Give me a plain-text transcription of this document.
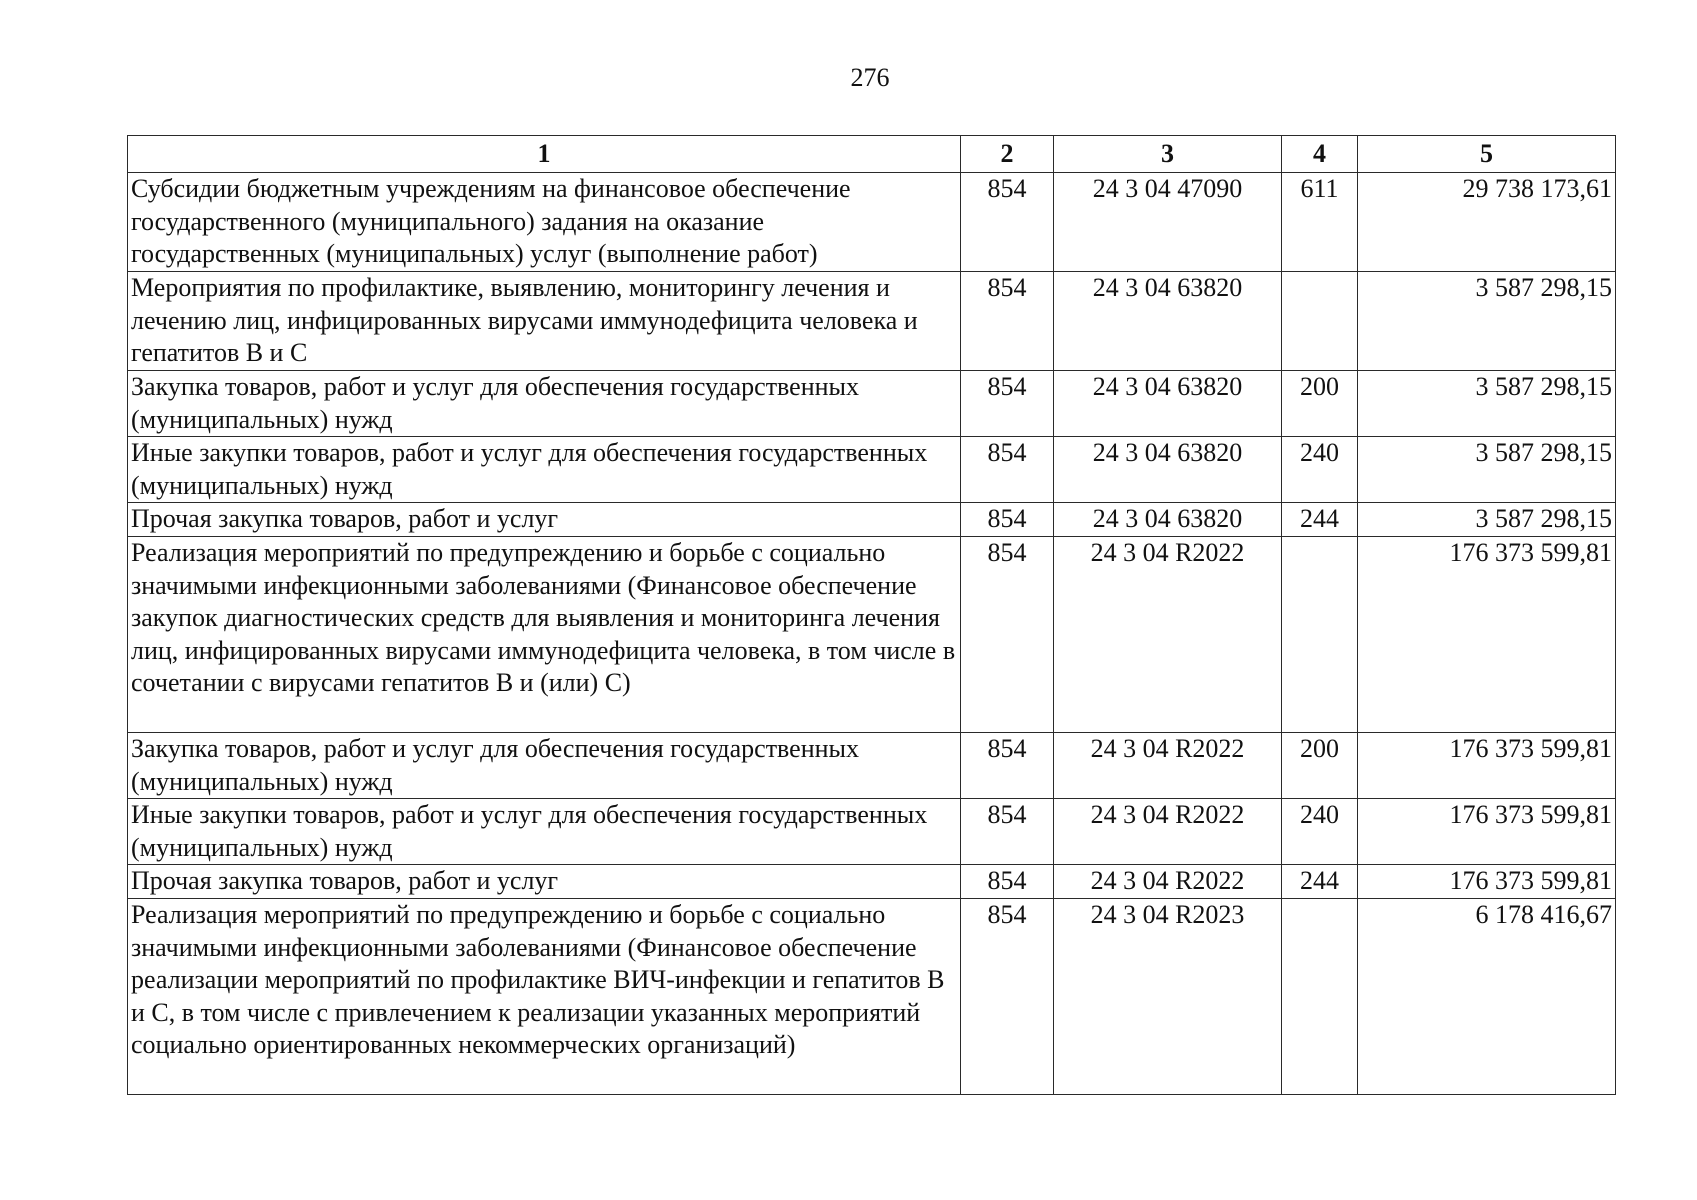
276
1	2	3	4	5
Субсидии бюджетным учреждениям на финансовое обеспечение государственного (муниципального) задания на оказание государственных (муниципальных) услуг (выполнение работ)	854	24 3 04 47090	611	29 738 173,61
Мероприятия по профилактике, выявлению, мониторингу лечения и лечению лиц, инфицированных вирусами иммунодефицита человека и гепатитов B и C	854	24 3 04 63820		3 587 298,15
Закупка товаров, работ и услуг для обеспечения государственных (муниципальных) нужд	854	24 3 04 63820	200	3 587 298,15
Иные закупки товаров, работ и услуг для обеспечения государственных (муниципальных) нужд	854	24 3 04 63820	240	3 587 298,15
Прочая закупка товаров, работ и услуг	854	24 3 04 63820	244	3 587 298,15
Реализация мероприятий по предупреждению и борьбе с социально значимыми инфекционными заболеваниями (Финансовое обеспечение закупок диагностических средств для выявления и мониторинга лечения лиц, инфицированных вирусами иммунодефицита человека, в том числе в сочетании с вирусами гепатитов B и (или) C)	854	24 3 04 R2022		176 373 599,81
Закупка товаров, работ и услуг для обеспечения государственных (муниципальных) нужд	854	24 3 04 R2022	200	176 373 599,81
Иные закупки товаров, работ и услуг для обеспечения государственных (муниципальных) нужд	854	24 3 04 R2022	240	176 373 599,81
Прочая закупка товаров, работ и услуг	854	24 3 04 R2022	244	176 373 599,81
Реализация мероприятий по предупреждению и борьбе с социально значимыми инфекционными заболеваниями (Финансовое обеспечение реализации мероприятий по профилактике ВИЧ-инфекции и гепатитов B и C, в том числе с привлечением к реализации указанных мероприятий социально ориентированных некоммерческих организаций)	854	24 3 04 R2023		6 178 416,67
